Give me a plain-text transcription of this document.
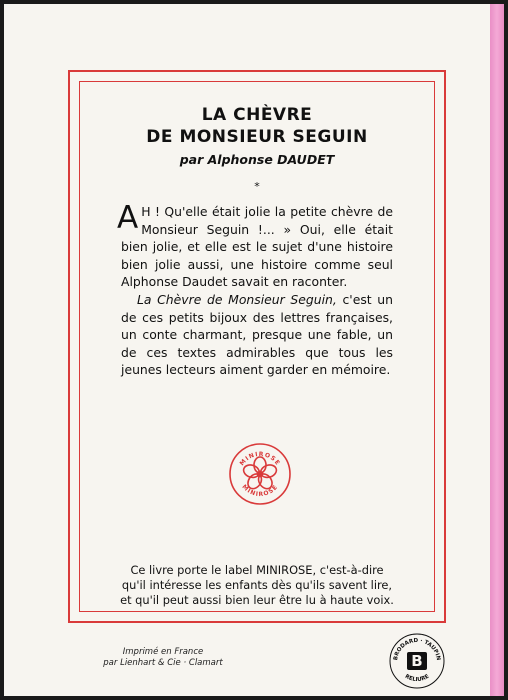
LA CHÈVRE
DE MONSIEUR SEGUIN
par Alphonse DAUDET
*

A H ! Qu'elle était jolie la petite chèvre de Monsieur Seguin !... » Oui, elle était bien jolie, et elle est le sujet d'une histoire bien jolie aussi, une histoire comme seul Alphonse Daudet savait en raconter.

La Chèvre de Monsieur Seguin, c'est un de ces petits bijoux des lettres françaises, un conte charmant, presque une fable, un de ces textes admirables que tous les jeunes lecteurs aiment garder en mémoire.

MINIROSE
MINIROSE
Ce livre porte le label MINIROSE, c'est-à-dire
qu'il intéresse les enfants dès qu'ils savent lire,
et qu'il peut aussi bien leur être lu à haute voix.
Imprimé en France
par Lienhart & Cie · Clamart	BRODARD · TAUPIN
B
RELIURE
